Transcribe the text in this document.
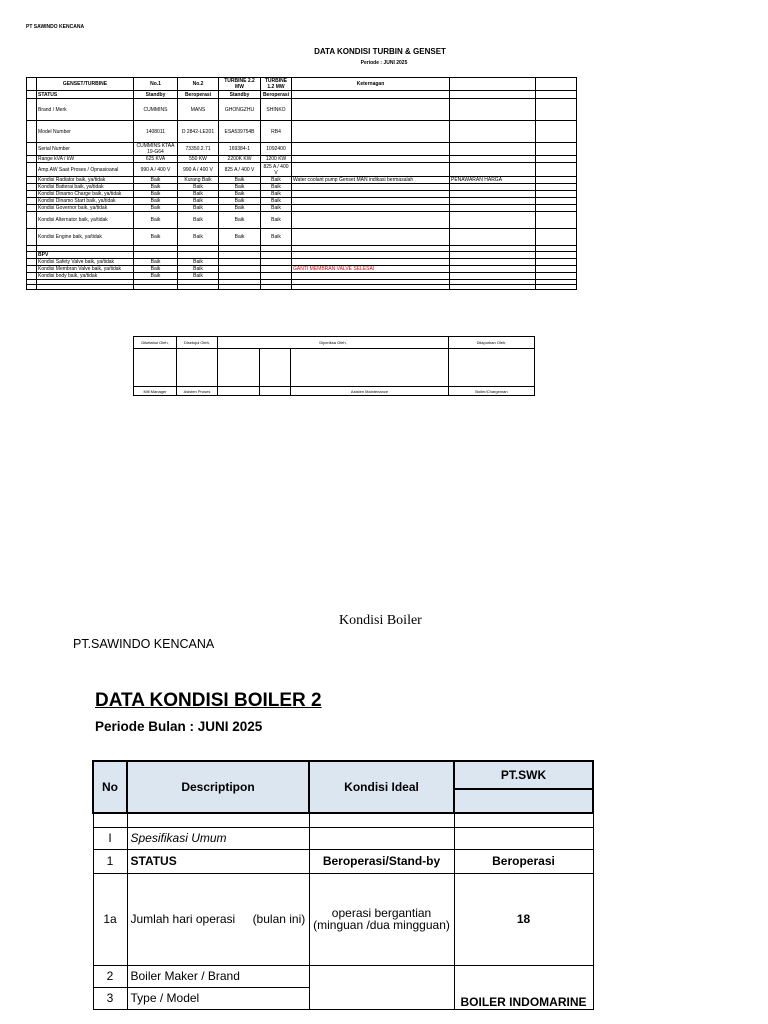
PT SAWINDO KENCANA
DATA KONDISI TURBIN & GENSET
Periode : JUNI 2025
	GENSET/TURBINE	No.1	No.2	TURBINE 2.2 MW	TURBINE 1.2 MW	Keternagan		
	STATUS	Standby	Beroperasi	Standby	Beroperasi			
	Brand / Merk	CUMMINS	MANS	GHONGZHU	SHINKO			
	Model Number	1408011	D 2842-LE201	ESA539754B	RB4			
	Serial Number	CUMMINS KTAA 19-G64	73350.2.71	169384-1	1092400			
	Range kVA / kW	625 KVA	550 KW	2200K KW	1200 KW			
	Amp.AW Saat Proses / Opnasioanal	990 A / 400 V	990 A / 400 V	825 A / 400 V	825 A / 400 V			
	Kondisi Radiator baik, ya/tidak	Baik	Kurang Baik	Baik	Baik	Water coolant pump Genset MAN indikasi bermasalah	PENAWARAN HARGA	
	Kondisi Batterai baik, ya/tidak	Baik	Baik	Baik	Baik			
	Kondisi Dinamo Charge baik, ya/tidak	Baik	Baik	Baik	Baik			
	Kondisi Dinamo Start baik, ya/tidak	Baik	Baik	Baik	Baik			
	Kondisi Governor baik, ya/tidak	Baik	Baik	Baik	Baik			
	Kondisi Alternator baik, ya/tidak	Baik	Baik	Baik	Baik			
	Kondisi Engine baik, ya/tidak	Baik	Baik	Baik	Baik			

	BPV							
	Kondisi Safety Valve baik, ya/tidak	Baik	Baik					
	Kondisi Membran Valve baik, ya/tidak	Baik	Baik			GANTI MEMBRAN VALVE SELESAI		
	Kondisi body baik, ya/tidak	Baik	Baik					

Diketahui Oleh,	Disetujui Oleh,	Diperiksa Oleh,			Dilaporkan Oleh,

Mill Manager	Asisten Proses			Asisten Maintenance	Boiler/Chargeman
Kondisi Boiler
PT.SAWINDO KENCANA
DATA KONDISI BOILER 2
Periode Bulan : JUNI 2025
No	Descriptipon	Kondisi Ideal	PT.SWK

I	Spesifikasi Umum		
1	STATUS	Beroperasi/Stand-by	Beroperasi
1a	Jumlah hari operasi (bulan ini)	operasi bergantian (minguan /dua mingguan)	18
2	Boiler Maker / Brand		BOILER INDOMARINE
3	Type / Model		
